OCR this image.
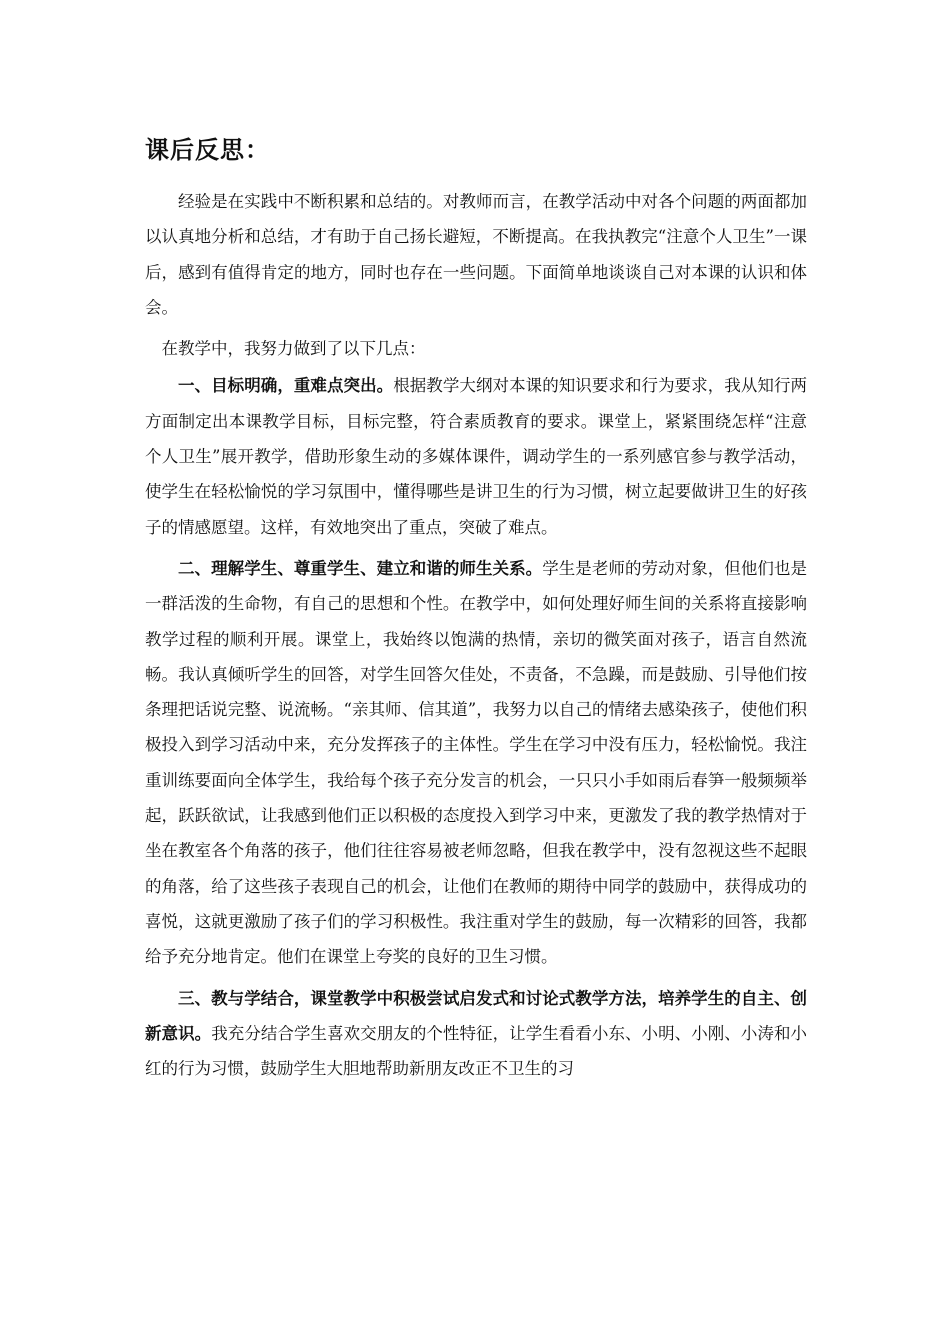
课后反思：

经验是在实践中不断积累和总结的。对教师而言，在教学活动中对各个问题的两面都加以认真地分析和总结，才有助于自己扬长避短，不断提高。在我执教完“注意个人卫生”一课后，感到有值得肯定的地方，同时也存在一些问题。下面简单地谈谈自己对本课的认识和体会。

在教学中，我努力做到了以下几点：

一、目标明确，重难点突出。根据教学大纲对本课的知识要求和行为要求，我从知行两方面制定出本课教学目标，目标完整，符合素质教育的要求。课堂上，紧紧围绕怎样“注意个人卫生”展开教学，借助形象生动的多媒体课件，调动学生的一系列感官参与教学活动，使学生在轻松愉悦的学习氛围中，懂得哪些是讲卫生的行为习惯，树立起要做讲卫生的好孩子的情感愿望。这样，有效地突出了重点，突破了难点。

二、理解学生、尊重学生、建立和谐的师生关系。学生是老师的劳动对象，但他们也是一群活泼的生命物，有自己的思想和个性。在教学中，如何处理好师生间的关系将直接影响教学过程的顺利开展。课堂上，我始终以饱满的热情，亲切的微笑面对孩子，语言自然流畅。我认真倾听学生的回答，对学生回答欠佳处，不责备，不急躁，而是鼓励、引导他们按条理把话说完整、说流畅。“亲其师、信其道”，我努力以自己的情绪去感染孩子，使他们积极投入到学习活动中来，充分发挥孩子的主体性。学生在学习中没有压力，轻松愉悦。我注重训练要面向全体学生，我给每个孩子充分发言的机会，一只只小手如雨后春笋一般频频举起，跃跃欲试，让我感到他们正以积极的态度投入到学习中来，更激发了我的教学热情对于坐在教室各个角落的孩子，他们往往容易被老师忽略，但我在教学中，没有忽视这些不起眼的角落，给了这些孩子表现自己的机会，让他们在教师的期待中同学的鼓励中，获得成功的喜悦，这就更激励了孩子们的学习积极性。我注重对学生的鼓励，每一次精彩的回答，我都给予充分地肯定。他们在课堂上夸奖的良好的卫生习惯。

三、教与学结合，课堂教学中积极尝试启发式和讨论式教学方法，培养学生的自主、创新意识。我充分结合学生喜欢交朋友的个性特征，让学生看看小东、小明、小刚、小涛和小红的行为习惯，鼓励学生大胆地帮助新朋友改正不卫生的习
